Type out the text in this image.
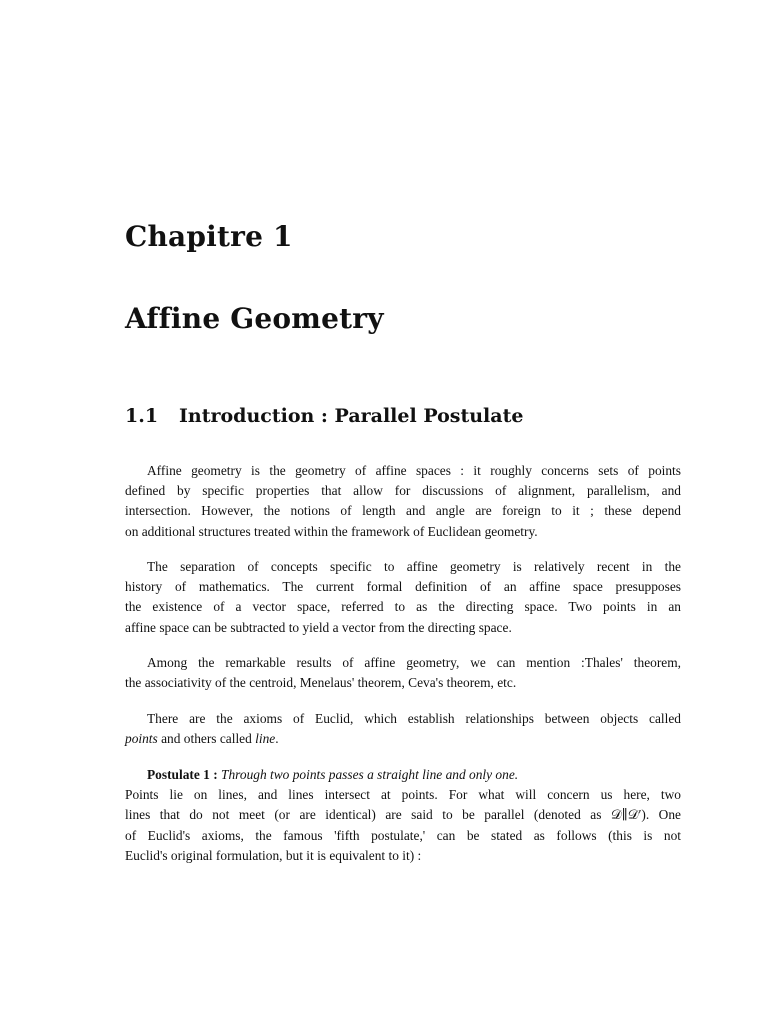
Chapitre 1
Affine Geometry
1.1 Introduction : Parallel Postulate

Affine geometry is the geometry of affine spaces : it roughly concerns sets of points
defined by specific properties that allow for discussions of alignment, parallelism, and
intersection. However, the notions of length and angle are foreign to it ; these depend
on additional structures treated within the framework of Euclidean geometry.

The separation of concepts specific to affine geometry is relatively recent in the
history of mathematics. The current formal definition of an affine space presupposes
the existence of a vector space, referred to as the directing space. Two points in an
affine space can be subtracted to yield a vector from the directing space.

Among the remarkable results of affine geometry, we can mention :Thales' theorem,
the associativity of the centroid, Menelaus' theorem, Ceva's theorem, etc.

There are the axioms of Euclid, which establish relationships between objects called
points and others called line.

Postulate 1 : Through two points passes a straight line and only one.
Points lie on lines, and lines intersect at points. For what will concern us here, two
lines that do not meet (or are identical) are said to be parallel (denoted as 𝒟∥𝒟′). One
of Euclid's axioms, the famous 'fifth postulate,' can be stated as follows (this is not
Euclid's original formulation, but it is equivalent to it) :
